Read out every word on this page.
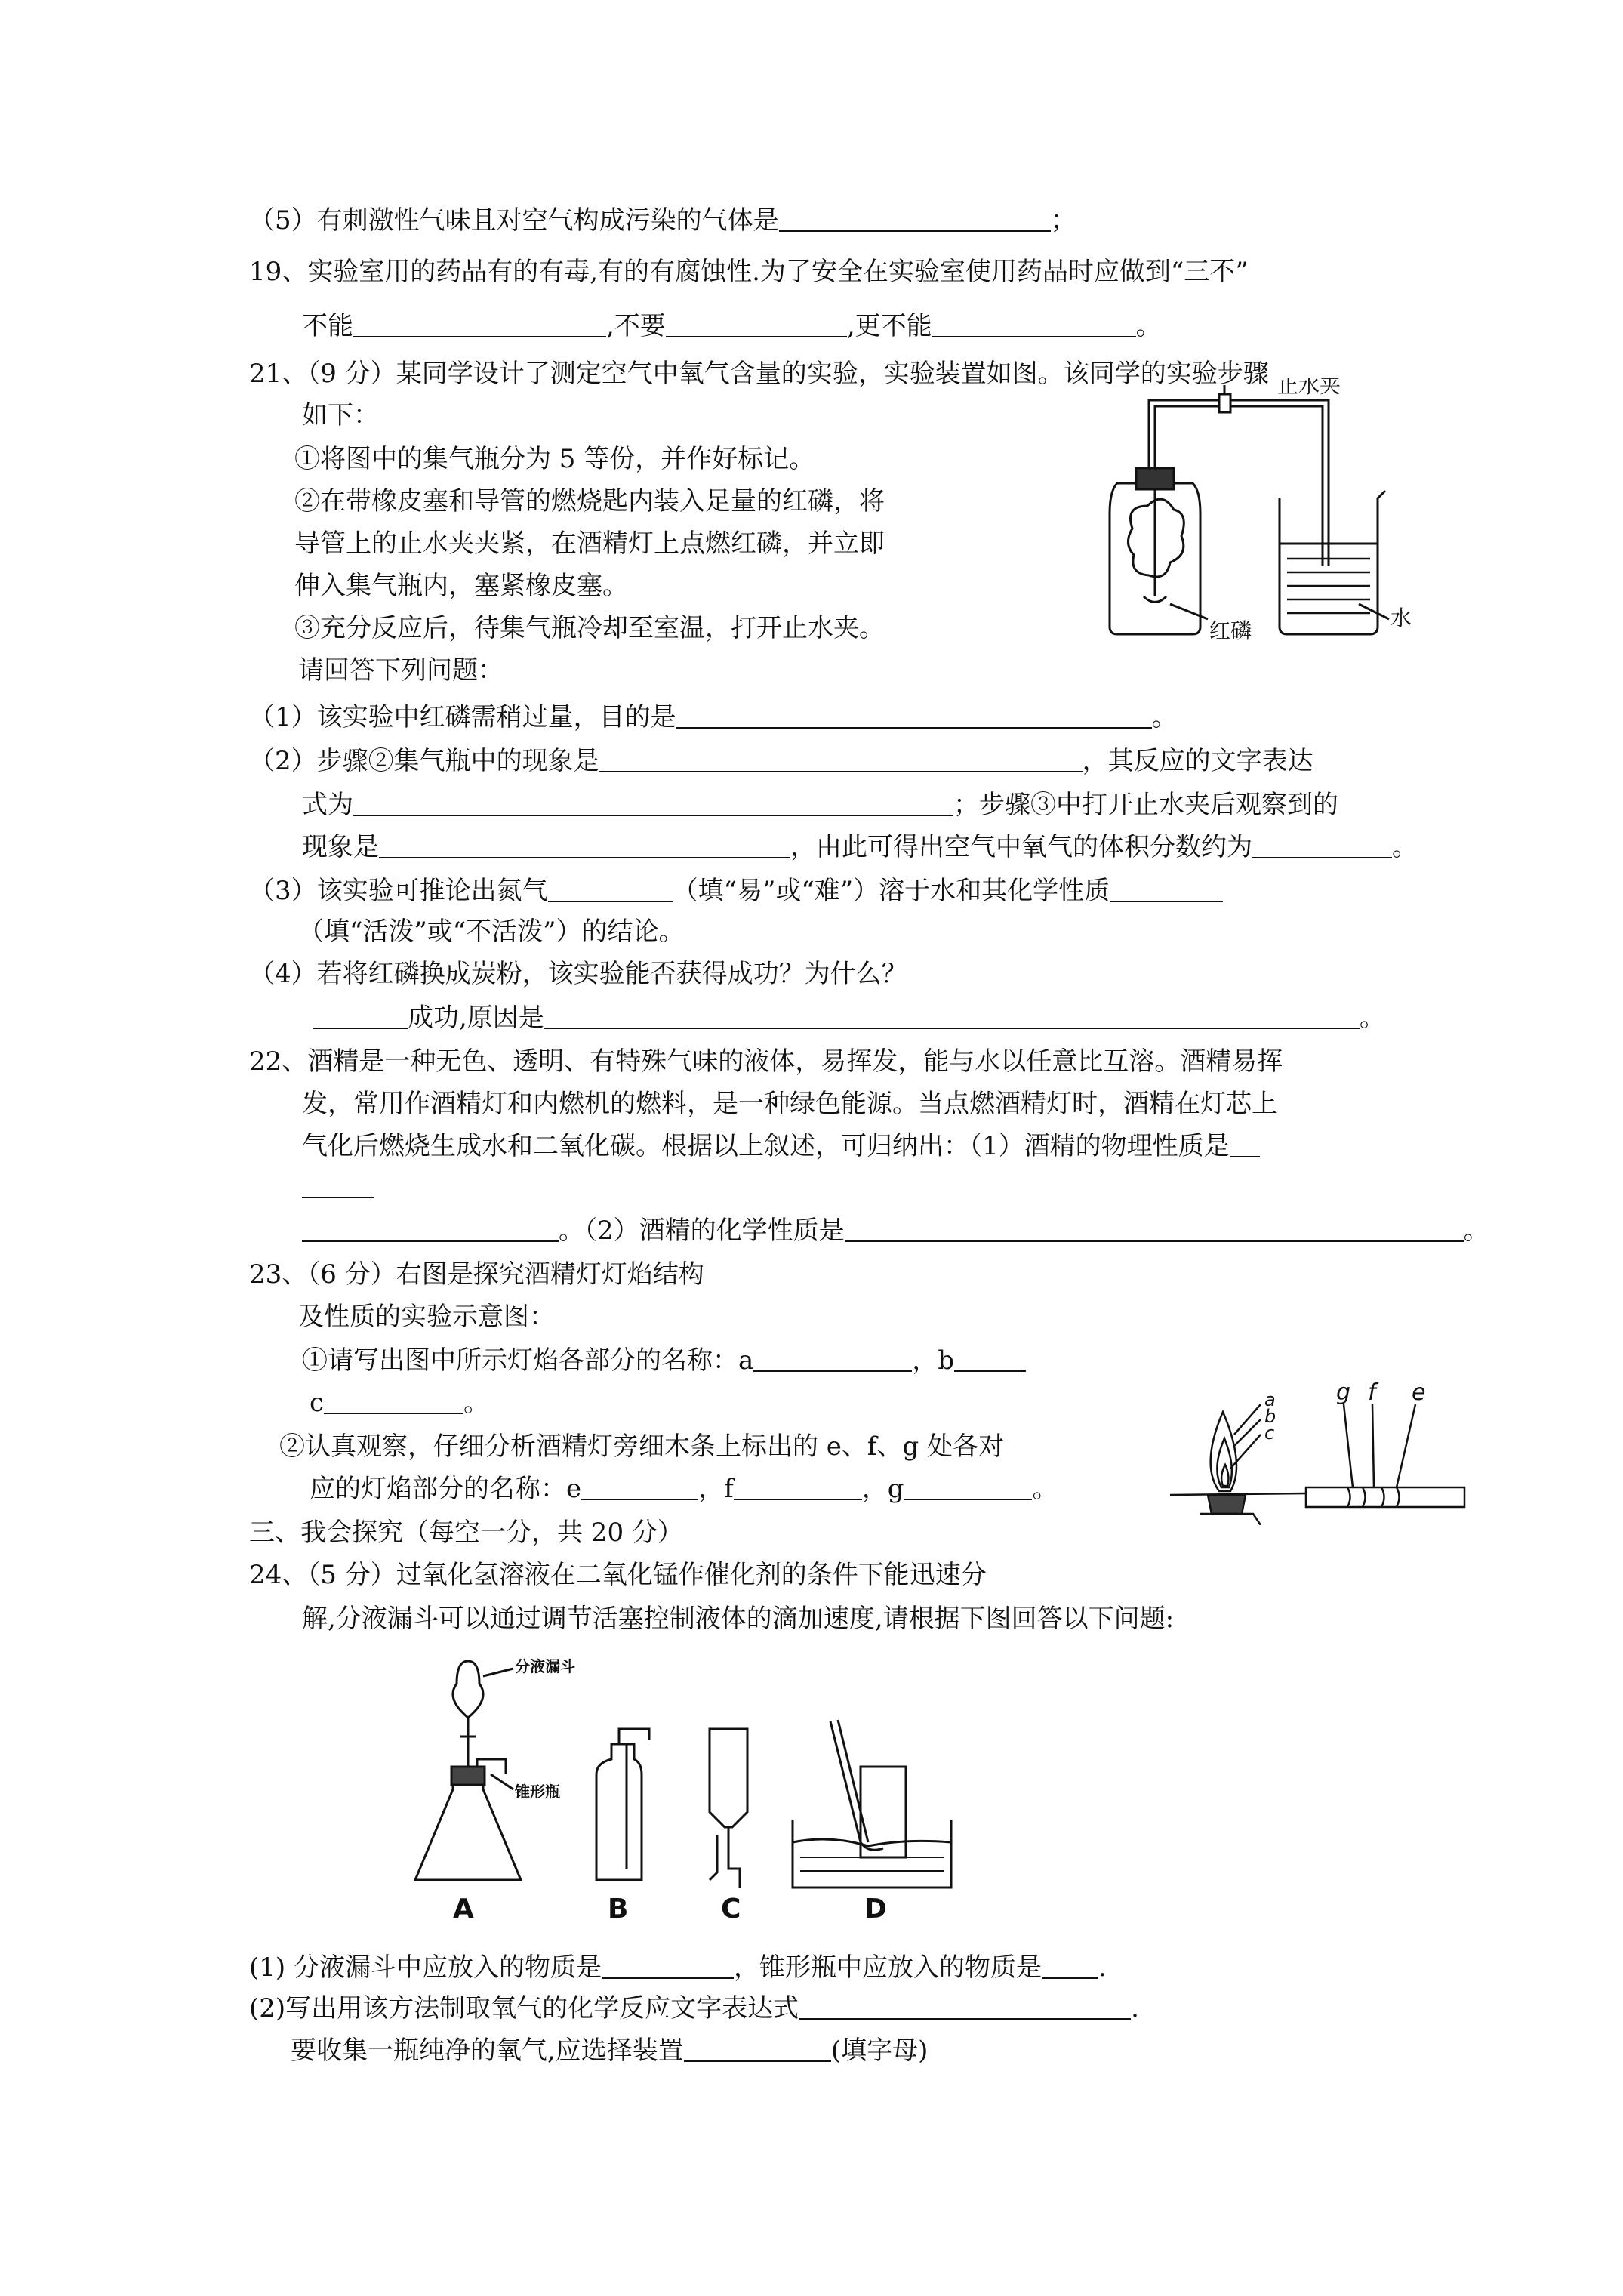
（5）有刺激性气味且对空气构成污染的气体是	；
19、实验室用的药品有的有毒,有的有腐蚀性.为了安全在实验室使用药品时应做到“三不”
不能	,不要	,更不能	。
21、（9 分）某同学设计了测定空气中氧气含量的实验，实验装置如图。该同学的实验步骤
如下：
①将图中的集气瓶分为 5 等份，并作好标记。
②在带橡皮塞和导管的燃烧匙内装入足量的红磷，将
导管上的止水夹夹紧，在酒精灯上点燃红磷，并立即
伸入集气瓶内，塞紧橡皮塞。
③充分反应后，待集气瓶冷却至室温，打开止水夹。
请回答下列问题：
（1）该实验中红磷需稍过量，目的是	。
（2）步骤②集气瓶中的现象是	，其反应的文字表达
式为	；步骤③中打开止水夹后观察到的
现象是	，由此可得出空气中氧气的体积分数约为	。
（3）该实验可推论出氮气	（填“易”或“难”）溶于水和其化学性质
（填“活泼”或“不活泼”）的结论。
（4）若将红磷换成炭粉，该实验能否获得成功？为什么？
成功,原因是	。
22、酒精是一种无色、透明、有特殊气味的液体，易挥发，能与水以任意比互溶。酒精易挥
发，常用作酒精灯和内燃机的燃料，是一种绿色能源。当点燃酒精灯时，酒精在灯芯上
气化后燃烧生成水和二氧化碳。根据以上叙述，可归纳出：（1）酒精的物理性质是
。（2）酒精的化学性质是	。
23、（6 分）右图是探究酒精灯灯焰结构
及性质的实验示意图：
①请写出图中所示灯焰各部分的名称：a	，b
c	。
②认真观察，仔细分析酒精灯旁细木条上标出的 e、f、g 处各对
应的灯焰部分的名称：e	，f	，g	。
三、我会探究（每空一分，共 20 分）
24、（5 分）过氧化氢溶液在二氧化锰作催化剂的条件下能迅速分
解,分液漏斗可以通过调节活塞控制液体的滴加速度,请根据下图回答以下问题:
(1) 分液漏斗中应放入的物质是	，锥形瓶中应放入的物质是 .
(2)写出用该方法制取氧气的化学反应文字表达式	.
要收集一瓶纯净的氧气,应选择装置	(填字母)
止水夹
红磷
水
a
b
c
g f e
分液漏斗
锥形瓶
A	B	C	D
